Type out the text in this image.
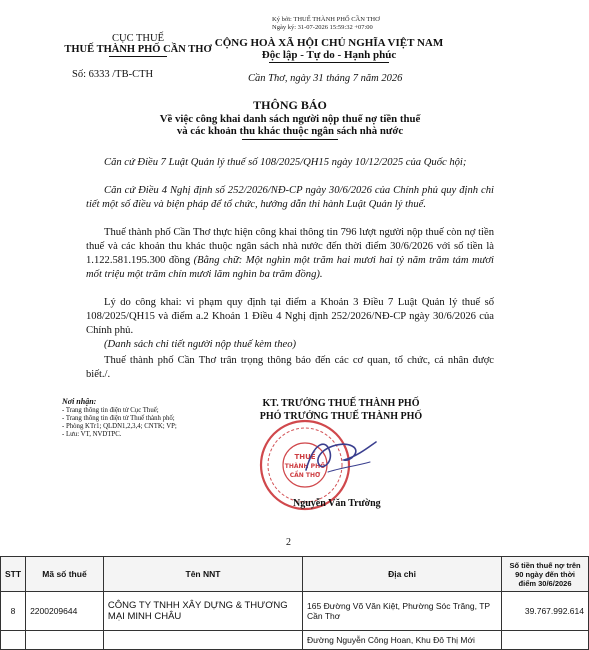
Ký bởi: THUẾ THÀNH PHỐ CẦN THƠ
Ngày ký: 31-07-2026 15:59:32 +07:00
CỤC THUẾ
THUẾ THÀNH PHỐ CẦN THƠ
Số: 6333 /TB-CTH
CỘNG HOÀ XÃ HỘI CHỦ NGHĨA VIỆT NAM
Độc lập - Tự do - Hạnh phúc
Cần Thơ, ngày 31 tháng 7 năm 2026
THÔNG BÁO
Về việc công khai danh sách người nộp thuế nợ tiền thuế
và các khoản thu khác thuộc ngân sách nhà nước
Căn cứ Điều 7 Luật Quản lý thuế số 108/2025/QH15 ngày 10/12/2025 của Quốc hội;
Căn cứ Điều 4 Nghị định số 252/2026/NĐ-CP ngày 30/6/2026 của Chính phủ quy định chi tiết một số điều và biện pháp để tổ chức, hướng dẫn thi hành Luật Quản lý thuế.
Thuế thành phố Cần Thơ thực hiện công khai thông tin 796 lượt người nộp thuế còn nợ tiền thuế và các khoản thu khác thuộc ngân sách nhà nước đến thời điểm 30/6/2026 với số tiền là 1.122.581.195.300 đồng (Bằng chữ: Một nghìn một trăm hai mươi hai tỷ năm trăm tám mươi mốt triệu một trăm chín mươi lăm nghìn ba trăm đồng).
Lý do công khai: vi phạm quy định tại điểm a Khoản 3 Điều 7 Luật Quản lý thuế số 108/2025/QH15 và điểm a.2 Khoản 1 Điều 4 Nghị định 252/2026/NĐ-CP ngày 30/6/2026 của Chính phủ.
(Danh sách chi tiết người nộp thuế kèm theo)
Thuế thành phố Cần Thơ trân trọng thông báo đến các cơ quan, tổ chức, cá nhân được biết./.
Nơi nhận:
- Trang thông tin điện tử Cục Thuế;
- Trang thông tin điện tử Thuế thành phố;
- Phòng KTr1; QLDN1,2,3,4; CNTK; VP;
- Lưu: VT, NVDTPC.
KT. TRƯỞNG THUẾ THÀNH PHỐ
PHÓ TRƯỞNG THUẾ THÀNH PHỐ
THUẾ
THÀNH PHỐ
CẦN THƠ
Nguyễn Văn Trường
2
STT	Mã số thuế	Tên NNT	Địa chỉ	Số tiền thuế nợ trên 90 ngày đến thời điểm 30/6/2026
8	2200209644	CÔNG TY TNHH XÂY DỰNG & THƯƠNG MẠI MINH CHÂU	165 Đường Võ Văn Kiệt, Phường Sóc Trăng, TP Cần Thơ	39.767.992.614
			Đường Nguyễn Công Hoan, Khu Đô Thị Mới	
